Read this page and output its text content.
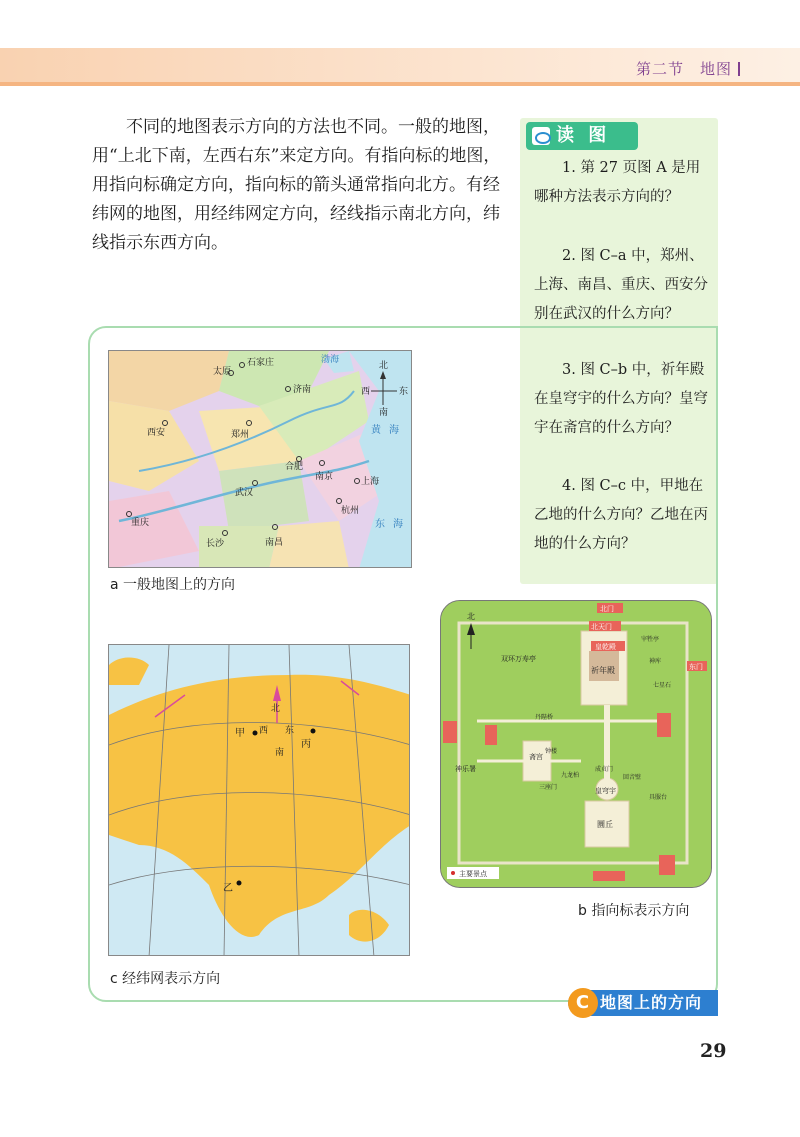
第二节　地图

不同的地图表示方向的方法也不同。一般的地图，用“上北下南，左西右东”来定方向。有指向标的地图，用指向标确定方向，指向标的箭头通常指向北方。有经纬网的地图，用经纬网定方向，经线指示南北方向，纬线指示东西方向。

读 图

1. 第 27 页图 A 是用哪种方法表示方向的？

2. 图 C–a 中，郑州、上海、南昌、重庆、西安分别在武汉的什么方向？

3. 图 C–b 中，祈年殿在皇穹宇的什么方向？皇穹宇在斋宫的什么方向？

4. 图 C–c 中，甲地在乙地的什么方向？乙地在丙地的什么方向？

石家庄
太原
渤海
济南
郑州
西安	黄 海
合肥
南京	上海
武汉
杭州
东 海
重庆
长沙	南昌
北
西	东
南
a 一般地图上的方向
北
北门
北天门
皇乾殿
祈年殿
双环万寿亭
宰牲亭
神库
东门
七星石
丹陛桥
斋宫
钟楼
成贞门
神乐署
九龙柏	回音壁
皇穹宇
三座门
具服台
圜丘
主要景点
b 指向标表示方向
北
西 东
南
甲
丙
乙
c 经纬网表示方向
C 地图上的方向
29
